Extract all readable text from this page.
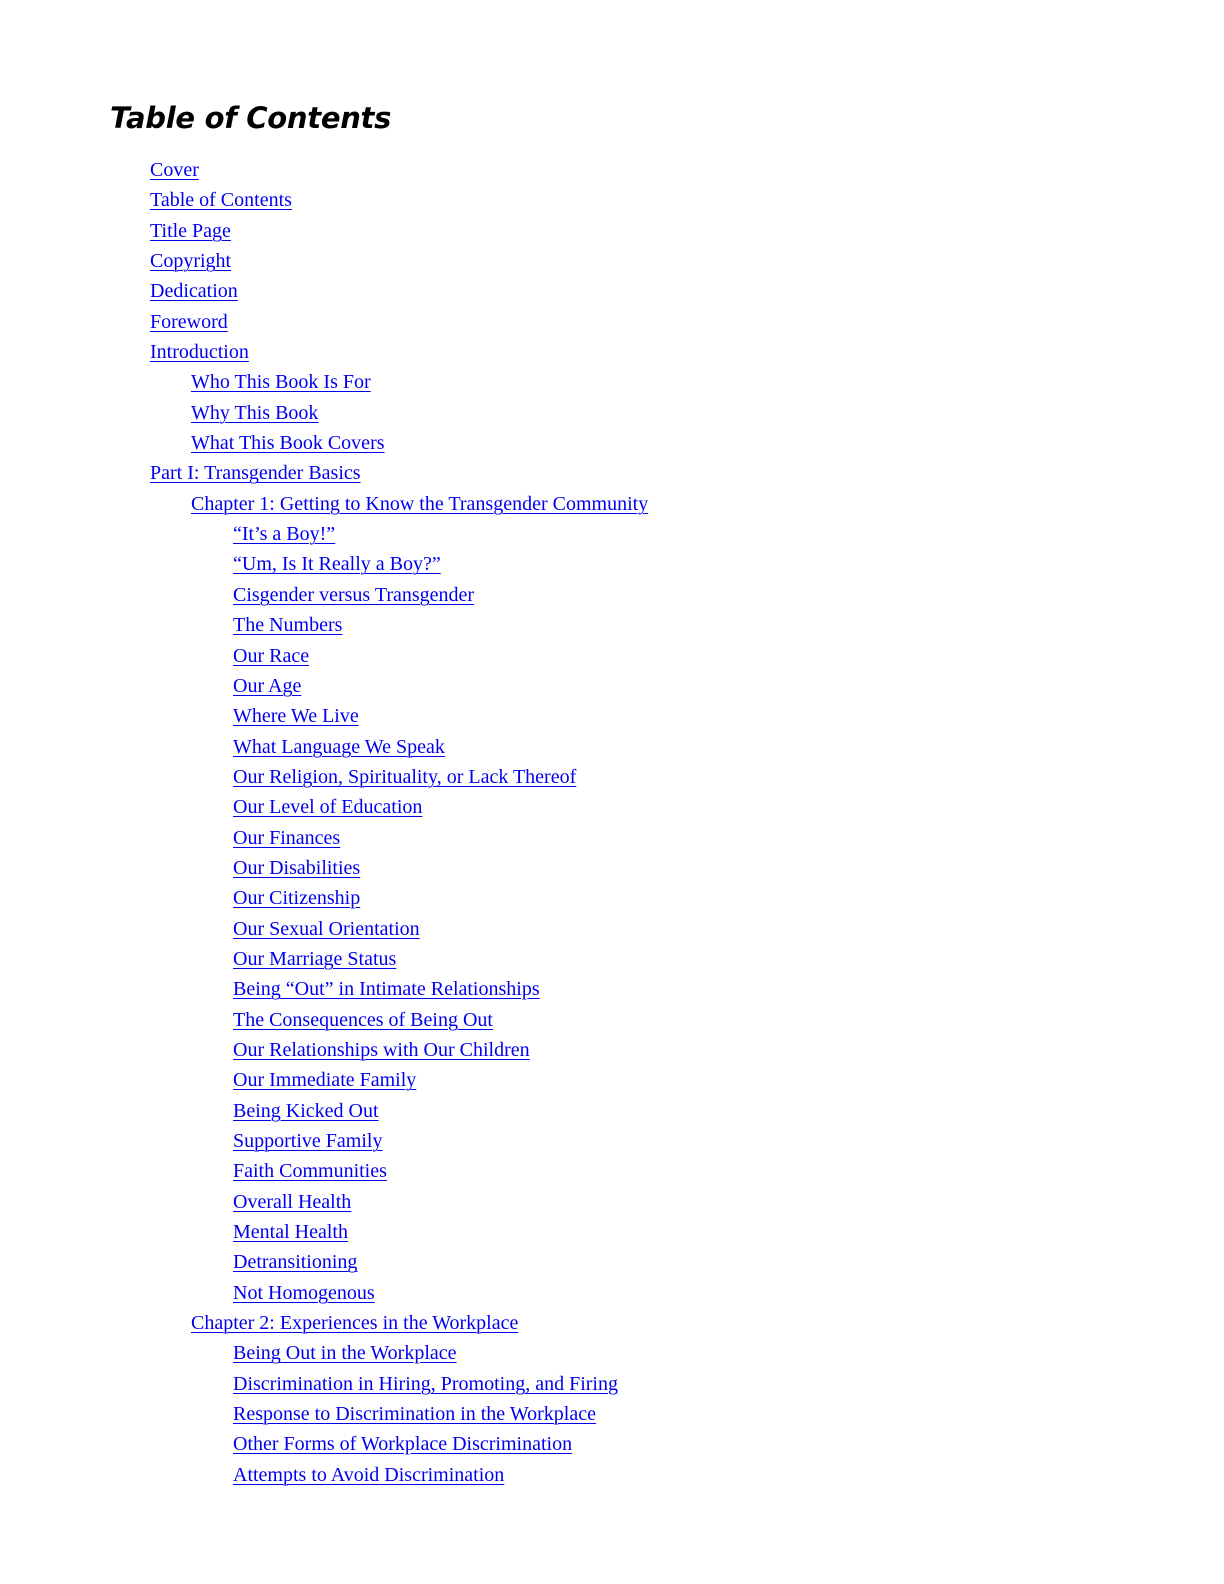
Table of Contents
Cover
Table of Contents
Title Page
Copyright
Dedication
Foreword
Introduction
Who This Book Is For
Why This Book
What This Book Covers
Part I: Transgender Basics
Chapter 1: Getting to Know the Transgender Community
“It’s a Boy!”
“Um, Is It Really a Boy?”
Cisgender versus Transgender
The Numbers
Our Race
Our Age
Where We Live
What Language We Speak
Our Religion, Spirituality, or Lack Thereof
Our Level of Education
Our Finances
Our Disabilities
Our Citizenship
Our Sexual Orientation
Our Marriage Status
Being “Out” in Intimate Relationships
The Consequences of Being Out
Our Relationships with Our Children
Our Immediate Family
Being Kicked Out
Supportive Family
Faith Communities
Overall Health
Mental Health
Detransitioning
Not Homogenous
Chapter 2: Experiences in the Workplace
Being Out in the Workplace
Discrimination in Hiring, Promoting, and Firing
Response to Discrimination in the Workplace
Other Forms of Workplace Discrimination
Attempts to Avoid Discrimination
